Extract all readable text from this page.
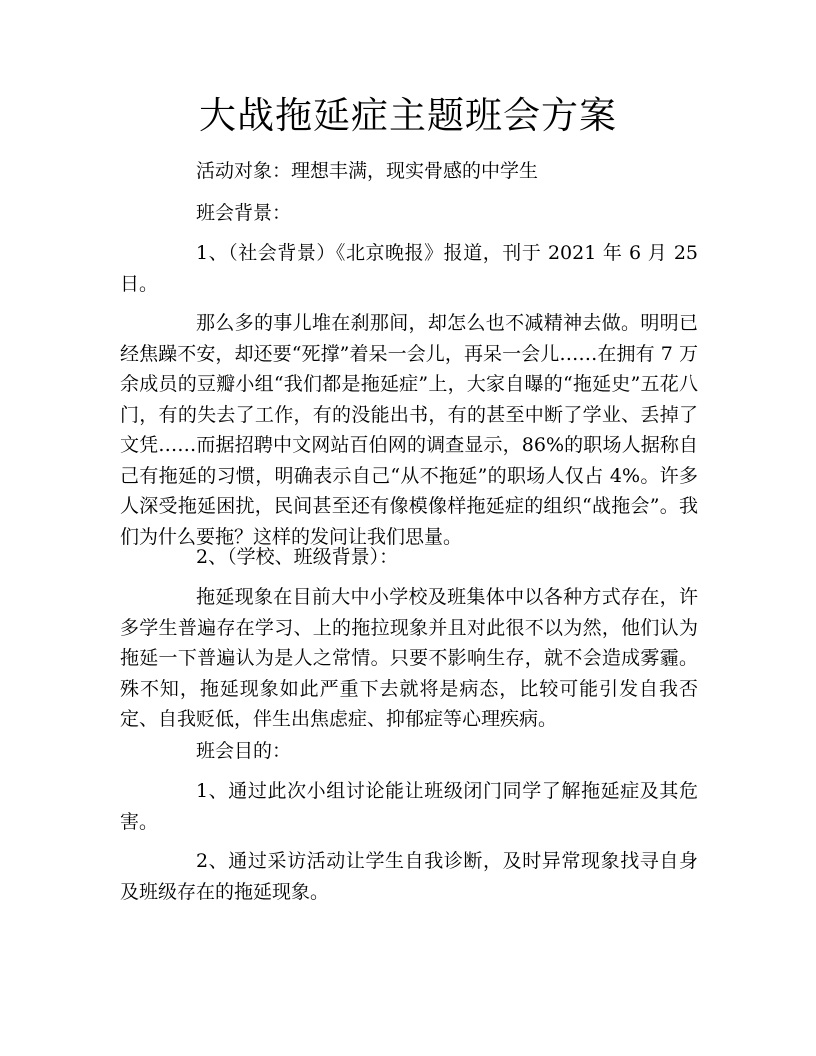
大战拖延症主题班会方案

活动对象：理想丰满，现实骨感的中学生

班会背景：

1、（社会背景）《北京晚报》报道，刊于 2021 年 6 月 25 日。

那么多的事儿堆在刹那间，却怎么也不减精神去做。明明已经焦躁不安，却还要“死撑”着呆一会儿，再呆一会儿……在拥有 7 万余成员的豆瓣小组“我们都是拖延症”上，大家自曝的“拖延史”五花八门，有的失去了工作，有的没能出书，有的甚至中断了学业、丢掉了文凭……而据招聘中文网站百伯网的调查显示，86%的职场人据称自己有拖延的习惯，明确表示自己“从不拖延”的职场人仅占 4%。许多人深受拖延困扰，民间甚至还有像模像样拖延症的组织“战拖会”。我们为什么要拖？这样的发问让我们思量。

2、（学校、班级背景）：

拖延现象在目前大中小学校及班集体中以各种方式存在，许多学生普遍存在学习、上的拖拉现象并且对此很不以为然，他们认为拖延一下普遍认为是人之常情。只要不影响生存，就不会造成雾霾。殊不知，拖延现象如此严重下去就将是病态，比较可能引发自我否定、自我贬低，伴生出焦虑症、抑郁症等心理疾病。

班会目的：

1、通过此次小组讨论能让班级闭门同学了解拖延症及其危害。

2、通过采访活动让学生自我诊断，及时异常现象找寻自身及班级存在的拖延现象。
